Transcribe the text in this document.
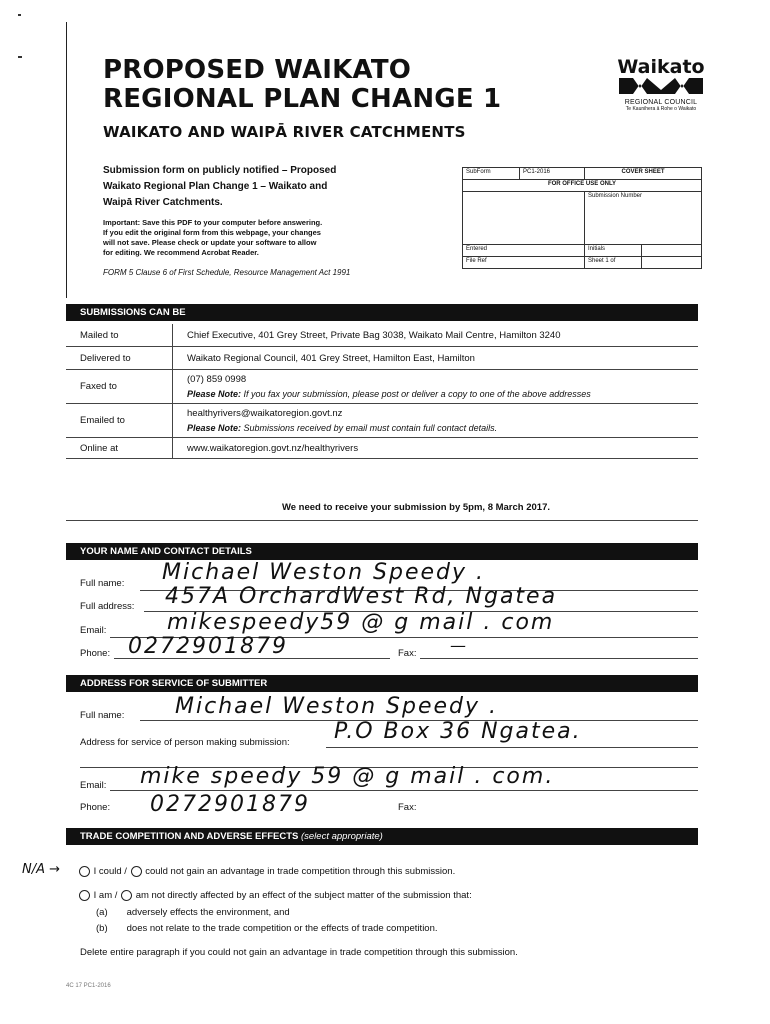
PROPOSED WAIKATO
REGIONAL PLAN CHANGE 1
WAIKATO AND WAIPĀ RIVER CATCHMENTS
Waikato
REGIONAL COUNCIL
Te Kaunihera ā Rohe o Waikato
Submission form on publicly notified – Proposed
Waikato Regional Plan Change 1 – Waikato and
Waipā River Catchments.
Important: Save this PDF to your computer before answering.
If you edit the original form from this webpage, your changes
will not save. Please check or update your software to allow
for editing. We recommend Acrobat Reader.
FORM 5 Clause 6 of First Schedule, Resource Management Act 1991
SubForm	PC1-2016	COVER SHEET	
FOR OFFICE USE ONLY			
		Submission Number	
Entered		Initials	
File Ref		Sheet 1 of	
SUBMISSIONS CAN BE
Mailed to	Chief Executive, 401 Grey Street, Private Bag 3038, Waikato Mail Centre, Hamilton 3240
Delivered to	Waikato Regional Council, 401 Grey Street, Hamilton East, Hamilton
Faxed to	(07) 859 0998
Please Note: If you fax your submission, please post or deliver a copy to one of the above addresses

Emailed to	healthyrivers@waikatoregion.govt.nz
Please Note: Submissions received by email must contain full contact details.

Online at	www.waikatoregion.govt.nz/healthyrivers
We need to receive your submission by 5pm, 8 March 2017.
YOUR NAME AND CONTACT DETAILS
Full name: Michael Weston Speedy .
Full address: 457A OrchardWest Rd, Ngatea
Email:	mikespeedy59 @ g mail . com
Phone: 0272901879	Fax: —
ADDRESS FOR SERVICE OF SUBMITTER
Full name: Michael Weston Speedy .
Address for service of person making submission: P.O Box 36 Ngatea.
Email: mike speedy 59 @ g mail . com.
Phone: 0272901879	Fax:
TRADE COMPETITION AND ADVERSE EFFECTS (select appropriate)
N/A →	I could / could not gain an advantage in trade competition through this submission.
I am / am not directly affected by an effect of the subject matter of the submission that:
(a) adversely effects the environment, and
(b) does not relate to the trade competition or the effects of trade competition.
Delete entire paragraph if you could not gain an advantage in trade competition through this submission.
4C 17 PC1-2016
